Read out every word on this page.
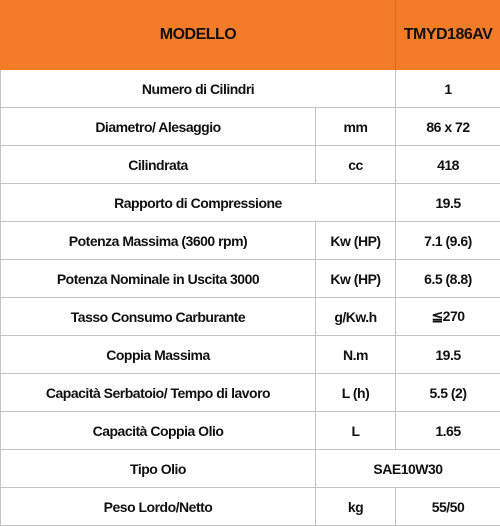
MODELLO		TMYD186AV
Numero di Cilindri		1
Diametro/ Alesaggio	mm	86 x 72
Cilindrata	cc	418
Rapporto di Compressione		19.5
Potenza Massima (3600 rpm)	Kw (HP)	7.1 (9.6)
Potenza Nominale in Uscita 3000	Kw (HP)	6.5 (8.8)
Tasso Consumo Carburante	g/Kw.h	≦270
Coppia Massima	N.m	19.5
Capacità Serbatoio/ Tempo di lavoro	L (h)	5.5 (2)
Capacità Coppia Olio	L	1.65
Tipo Olio	SAE10W30	
Peso Lordo/Netto	kg	55/50
